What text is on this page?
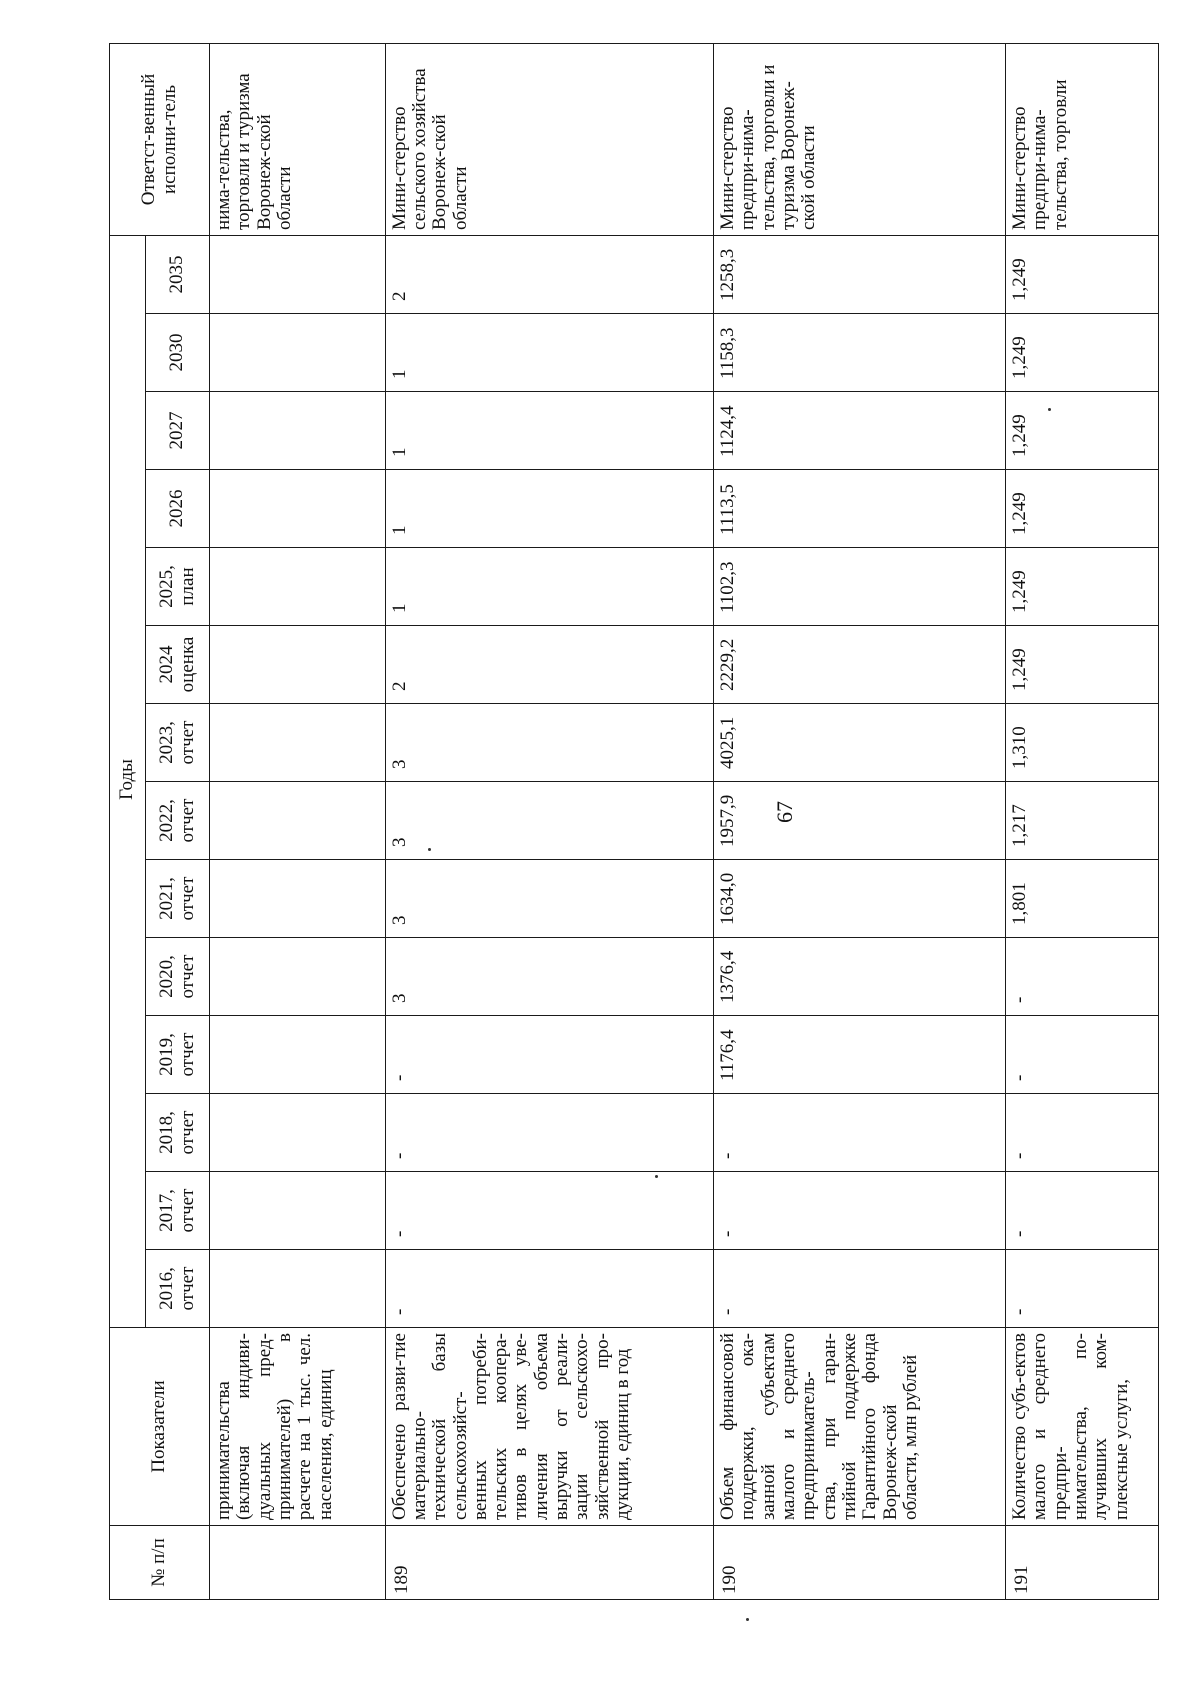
67
№ п/п	Показатели	Годы														Ответст-венный исполни-тель
		2016, отчет	2017, отчет	2018, отчет	2019, отчет	2020, отчет	2021, отчет	2022, отчет	2023, отчет	2024 оценка	2025, план	2026	2027	2030	2035	
	принимательства (включая индиви-дуальных пред-принимателей) в расчете на 1 тыс. чел. населения, единиц															нима-тельства, торговли и туризма Воронеж-ской области
189	Обеспечено разви-тие материально-технической базы сельскохозяйст-венных потреби-тельских коопера-тивов в целях уве-личения объема выручки от реали-зации сельскохо-зяйственной про-дукции, единиц в год	-	-	-	-	3	3	3	3	2	1	1	1	1	2	Мини-стерство сельского хозяйства Воронеж-ской области
190	Объем финансовой поддержки, ока-занной субъектам малого и среднего предприниматель-ства, при гаран-тийной поддержке Гарантийного фонда Воронеж-ской области, млн рублей	-	-	-	1176,4	1376,4	1634,0	1957,9	4025,1	2229,2	1102,3	1113,5	1124,4	1158,3	1258,3	Мини-стерство предпри-нима-тельства, торговли и туризма Воронеж-ской области
191	Количество субъ-ектов малого и среднего предпри-нимательства, по-лучивших ком-плексные услуги,	-	-	-	-	-	1,801	1,217	1,310	1,249	1,249	1,249	1,249	1,249	1,249	Мини-стерство предпри-нима-тельства, торговли
